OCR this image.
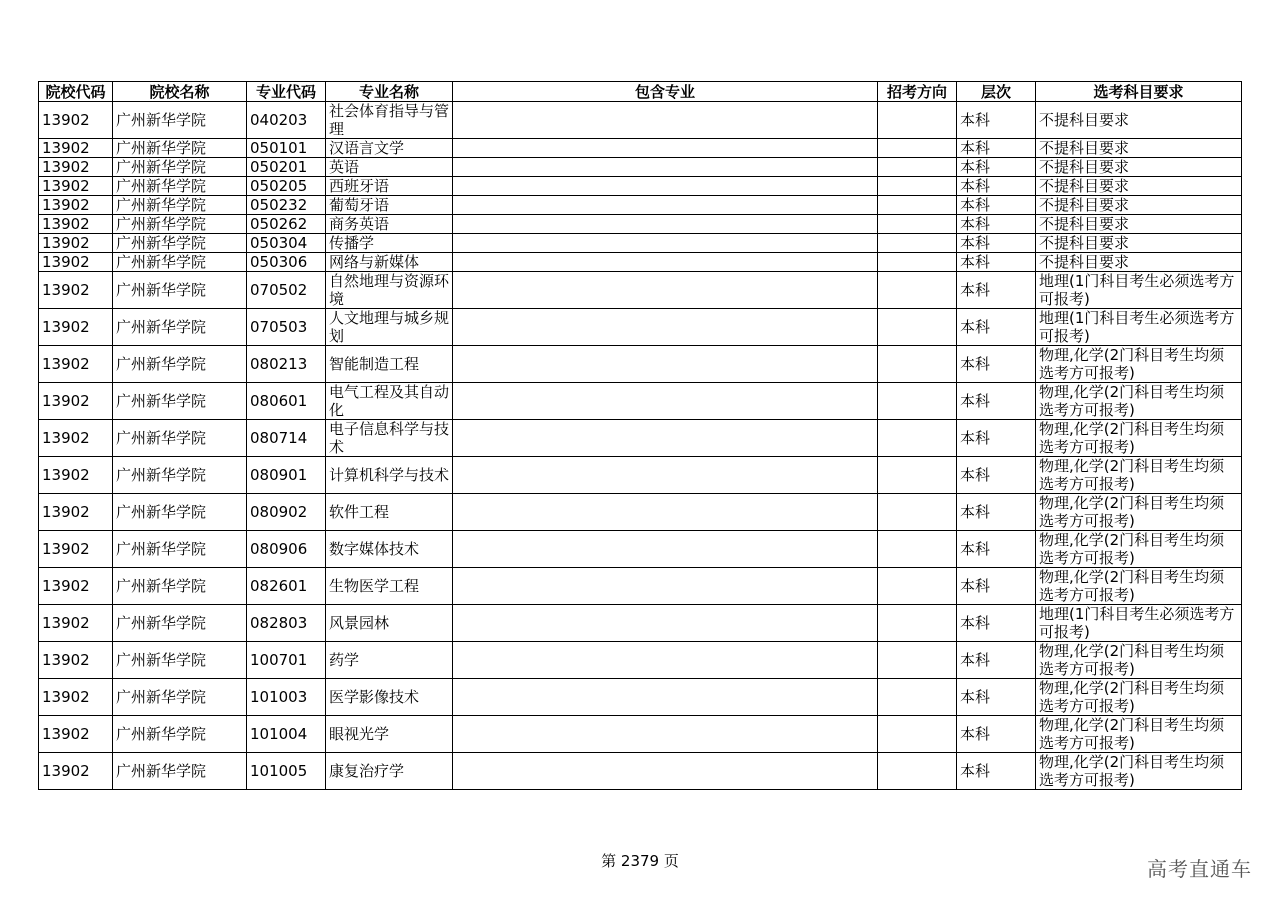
院校代码	院校名称	专业代码	专业名称	包含专业	招考方向	层次	选考科目要求
13902	广州新华学院	040203	社会体育指导与管理			本科	不提科目要求
13902	广州新华学院	050101	汉语言文学			本科	不提科目要求
13902	广州新华学院	050201	英语			本科	不提科目要求
13902	广州新华学院	050205	西班牙语			本科	不提科目要求
13902	广州新华学院	050232	葡萄牙语			本科	不提科目要求
13902	广州新华学院	050262	商务英语			本科	不提科目要求
13902	广州新华学院	050304	传播学			本科	不提科目要求
13902	广州新华学院	050306	网络与新媒体			本科	不提科目要求
13902	广州新华学院	070502	自然地理与资源环境			本科	地理(1门科目考生必须选考方可报考)
13902	广州新华学院	070503	人文地理与城乡规划			本科	地理(1门科目考生必须选考方可报考)
13902	广州新华学院	080213	智能制造工程			本科	物理,化学(2门科目考生均须选考方可报考)
13902	广州新华学院	080601	电气工程及其自动化			本科	物理,化学(2门科目考生均须选考方可报考)
13902	广州新华学院	080714	电子信息科学与技术			本科	物理,化学(2门科目考生均须选考方可报考)
13902	广州新华学院	080901	计算机科学与技术			本科	物理,化学(2门科目考生均须选考方可报考)
13902	广州新华学院	080902	软件工程			本科	物理,化学(2门科目考生均须选考方可报考)
13902	广州新华学院	080906	数字媒体技术			本科	物理,化学(2门科目考生均须选考方可报考)
13902	广州新华学院	082601	生物医学工程			本科	物理,化学(2门科目考生均须选考方可报考)
13902	广州新华学院	082803	风景园林			本科	地理(1门科目考生必须选考方可报考)
13902	广州新华学院	100701	药学			本科	物理,化学(2门科目考生均须选考方可报考)
13902	广州新华学院	101003	医学影像技术			本科	物理,化学(2门科目考生均须选考方可报考)
13902	广州新华学院	101004	眼视光学			本科	物理,化学(2门科目考生均须选考方可报考)
13902	广州新华学院	101005	康复治疗学			本科	物理,化学(2门科目考生均须选考方可报考)
第 2379 页	高考直通车
